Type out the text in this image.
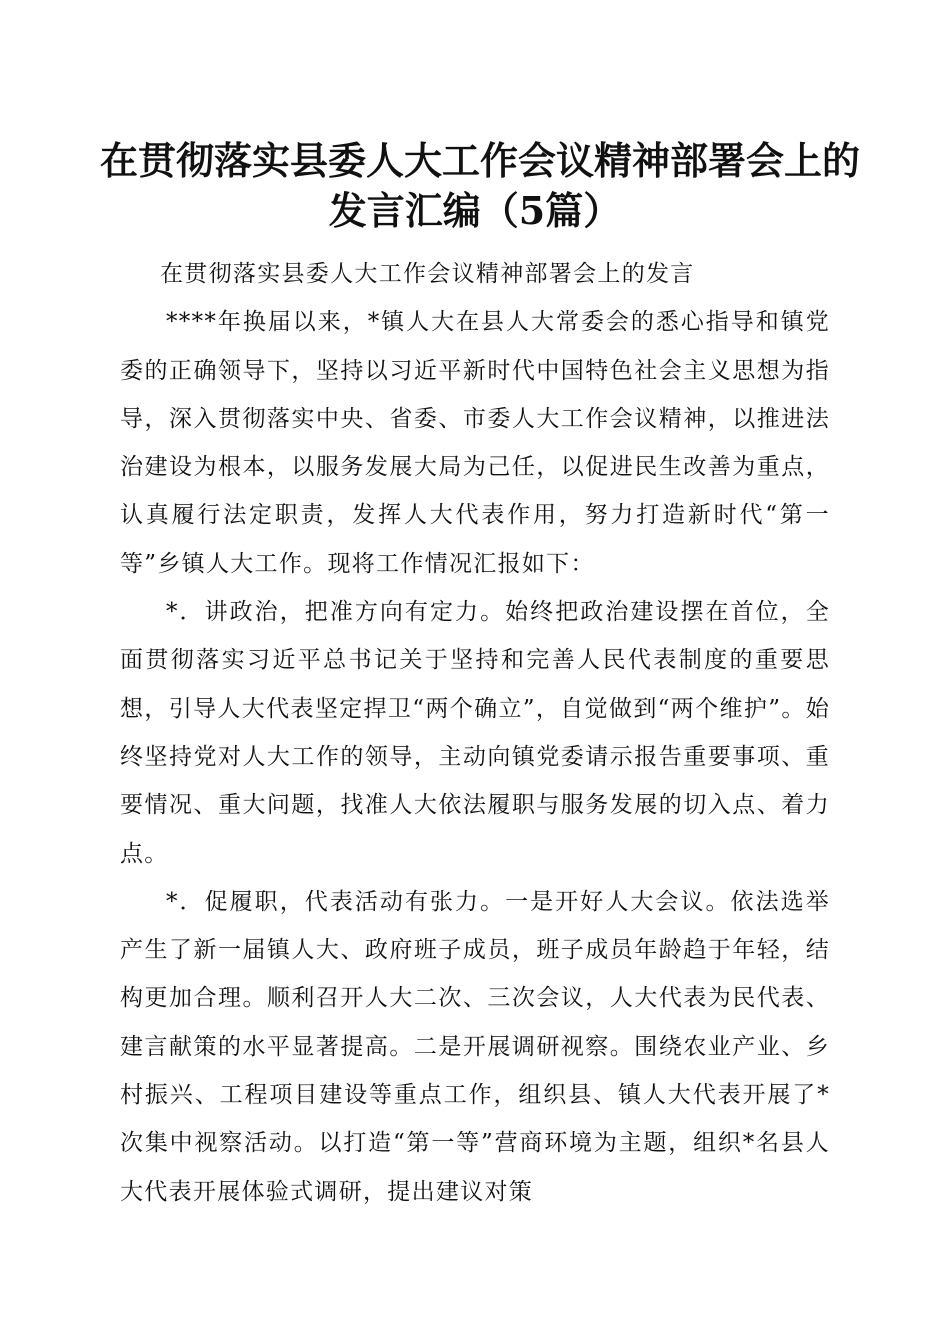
在贯彻落实县委人大工作会议精神部署会上的
发言汇编（5篇）

在贯彻落实县委人大工作会议精神部署会上的发言

****年换届以来，*镇人大在县人大常委会的悉心指导和镇党委的正确领导下，坚持以习近平新时代中国特色社会主义思想为指导，深入贯彻落实中央、省委、市委人大工作会议精神，以推进法治建设为根本，以服务发展大局为己任，以促进民生改善为重点，认真履行法定职责，发挥人大代表作用，努力打造新时代“第一等”乡镇人大工作。现将工作情况汇报如下：

*．讲政治，把准方向有定力。始终把政治建设摆在首位，全面贯彻落实习近平总书记关于坚持和完善人民代表制度的重要思想，引导人大代表坚定捍卫“两个确立”，自觉做到“两个维护”。始终坚持党对人大工作的领导，主动向镇党委请示报告重要事项、重要情况、重大问题，找准人大依法履职与服务发展的切入点、着力点。

*．促履职，代表活动有张力。一是开好人大会议。依法选举产生了新一届镇人大、政府班子成员，班子成员年龄趋于年轻，结构更加合理。顺利召开人大二次、三次会议，人大代表为民代表、建言献策的水平显著提高。二是开展调研视察。围绕农业产业、乡村振兴、工程项目建设等重点工作，组织县、镇人大代表开展了*次集中视察活动。以打造“第一等”营商环境为主题，组织*名县人大代表开展体验式调研，提出建议对策
